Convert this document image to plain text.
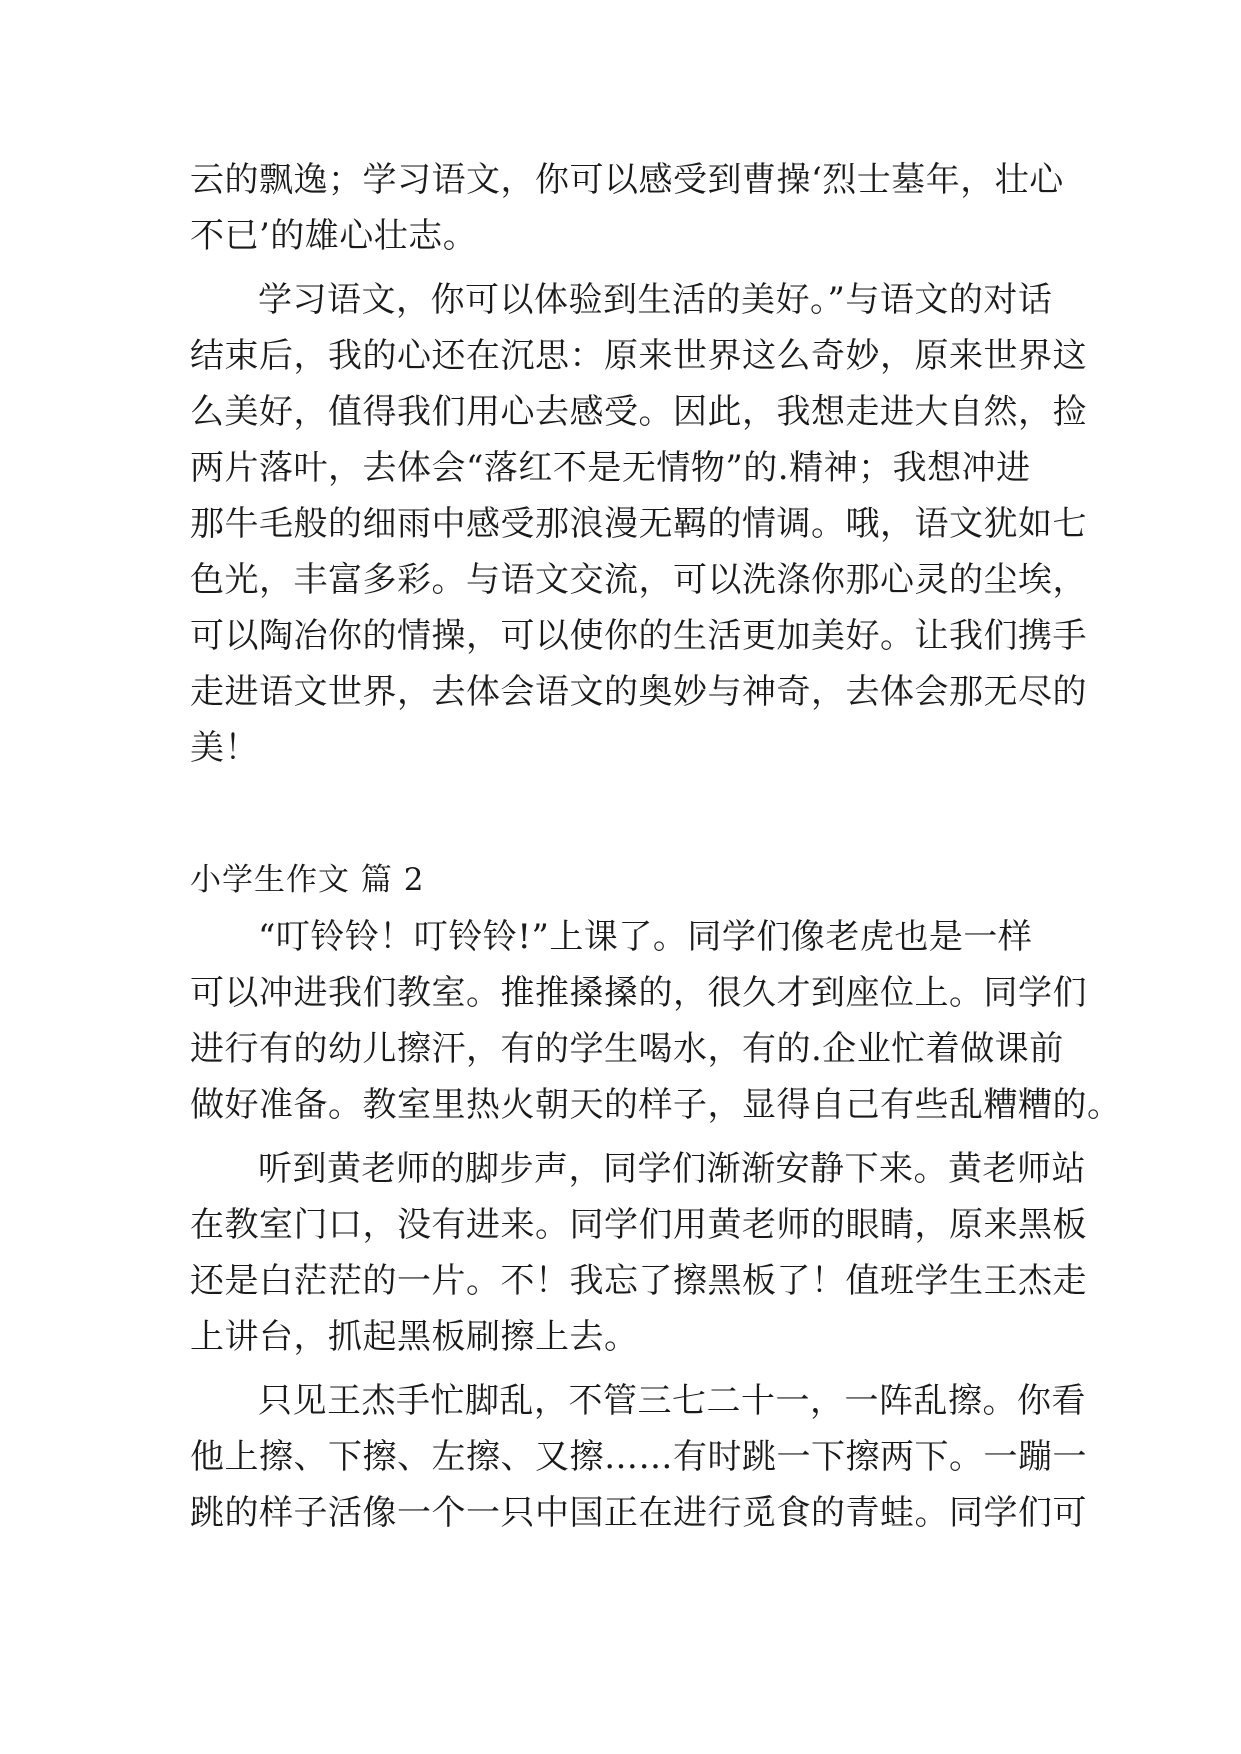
云的飘逸；学习语文，你可以感受到曹操‘烈士墓年，壮心
不已’的雄心壮志。
学习语文，你可以体验到生活的美好。”与语文的对话
结束后，我的心还在沉思：原来世界这么奇妙，原来世界这
么美好，值得我们用心去感受。因此，我想走进大自然，捡
两片落叶，去体会“落红不是无情物”的.精神；我想冲进
那牛毛般的细雨中感受那浪漫无羁的情调。哦，语文犹如七
色光，丰富多彩。与语文交流，可以洗涤你那心灵的尘埃，
可以陶冶你的情操，可以使你的生活更加美好。让我们携手
走进语文世界，去体会语文的奥妙与神奇，去体会那无尽的
美！
小学生作文 篇 2
“叮铃铃！叮铃铃!”上课了。同学们像老虎也是一样
可以冲进我们教室。推推搡搡的，很久才到座位上。同学们
进行有的幼儿擦汗，有的学生喝水，有的.企业忙着做课前
做好准备。教室里热火朝天的样子，显得自己有些乱糟糟的。
听到黄老师的脚步声，同学们渐渐安静下来。黄老师站
在教室门口，没有进来。同学们用黄老师的眼睛，原来黑板
还是白茫茫的一片。不！我忘了擦黑板了！值班学生王杰走
上讲台，抓起黑板刷擦上去。
只见王杰手忙脚乱，不管三七二十一，一阵乱擦。你看
他上擦、下擦、左擦、又擦……有时跳一下擦两下。一蹦一
跳的样子活像一个一只中国正在进行觅食的青蛙。同学们可
